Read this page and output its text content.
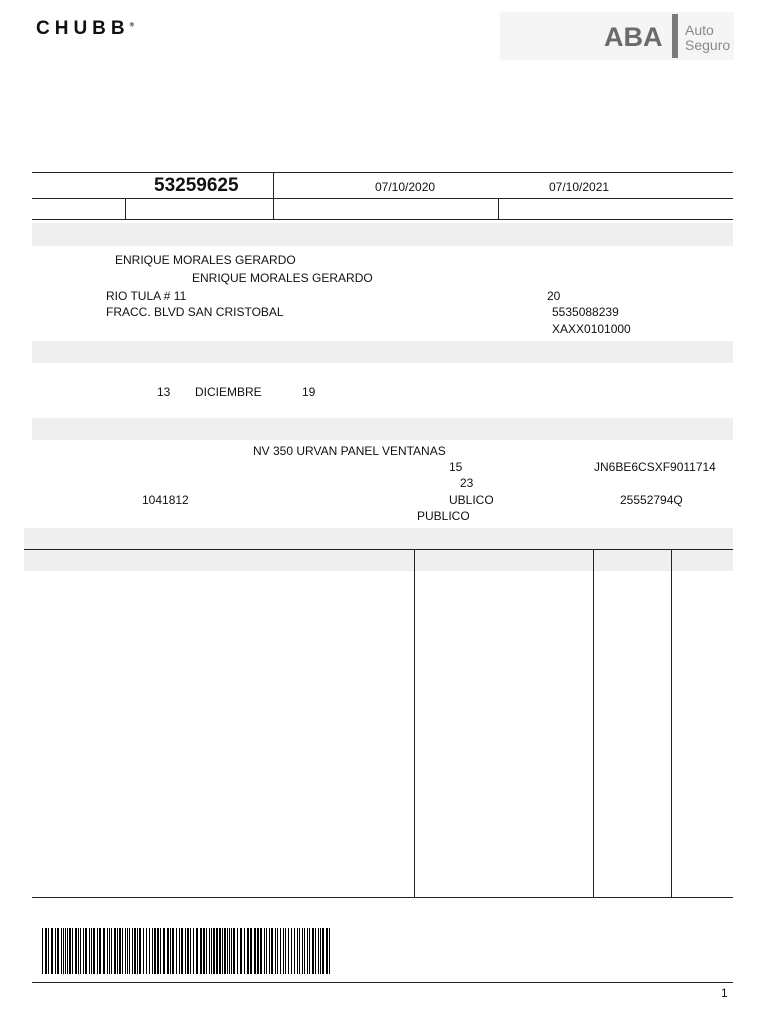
CHUBB®	ABA Auto
Seguro
53259625	07/10/2020	07/10/2021
ENRIQUE MORALES GERARDO
ENRIQUE MORALES GERARDO
RIO TULA # 11
FRACC. BLVD SAN CRISTOBAL
20
5535088239
XAXX0101000
13 DICIEMBRE	19
NV 350 URVAN PANEL VENTANAS
15	JN6BE6CSXF9011714
23
1041812	UBLICO	25552794Q
PUBLICO
1
